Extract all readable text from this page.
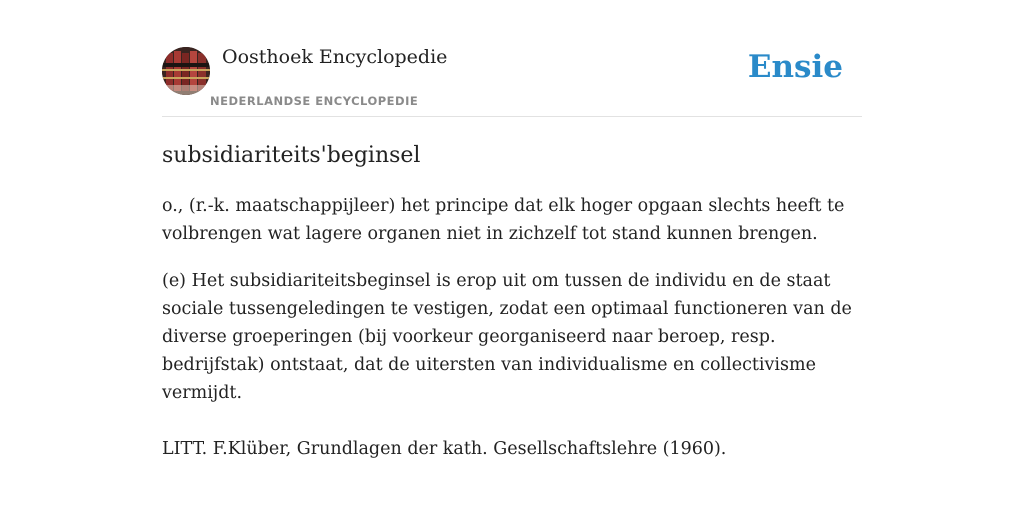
Oosthoek Encyclopedie
NEDERLANDSE ENCYCLOPEDIE
Ensie
subsidiariteits'beginsel

o., (r.-k. maatschappijleer) het principe dat elk hoger opgaan slechts heeft te volbrengen wat lagere organen niet in zichzelf tot stand kunnen brengen.

(e) Het subsidiariteitsbeginsel is erop uit om tussen de individu en de staat sociale tussengeledingen te vestigen, zodat een optimaal functioneren van de diverse groeperingen (bij voorkeur georganiseerd naar beroep, resp. bedrijfstak) ontstaat, dat de uitersten van individualisme en collectivisme vermijdt.

LITT. F.Klüber, Grundlagen der kath. Gesellschaftslehre (1960).
